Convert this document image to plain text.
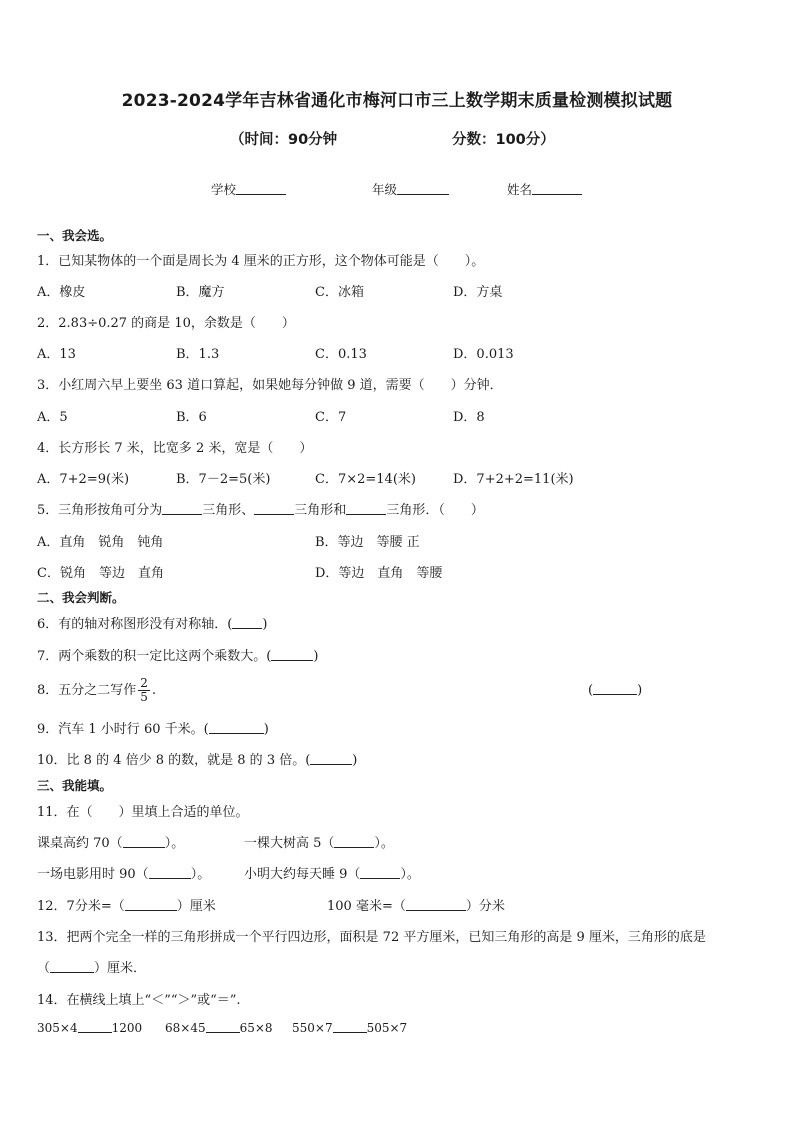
2023-2024学年吉林省通化市梅河口市三上数学期末质量检测模拟试题
（时间：90分钟	分数：100分）
学校	年级	姓名
一、我会选。
1．已知某物体的一个面是周长为 4 厘米的正方形，这个物体可能是（　　）。
A．橡皮	B．魔方	C．冰箱	D．方桌
2．2.83÷0.27 的商是 10，余数是（　　）
A．13	B．1.3	C．0.13	D．0.013
3．小红周六早上要坐 63 道口算起，如果她每分钟做 9 道，需要（　　）分钟．
A．5	B．6	C．7	D．8
4．长方形长 7 米，比宽多 2 米，宽是（　　）
A．7+2=9(米)	B．7－2=5(米)	C．7×2=14(米)	D．7+2+2=11(米)
5．三角形按角可分为	三角形、	三角形和	三角形．（　　）
A．直角　锐角　钝角	B．等边　等腰 正
C．锐角　等边　直角	D．等边　直角　等腰
二、我会判断。
6．有的轴对称图形没有对称轴．( )
7．两个乘数的积一定比这两个乘数大。(	)
8．五分之二写作 $\frac{2}{5}$ .	(	)
9．汽车 1 小时行 60 千米。(	)
10．比 8 的 4 倍少 8 的数，就是 8 的 3 倍。(	)
三、我能填。
11．在（　　）里填上合适的单位。
课桌高约 70（	）。	一棵大树高 5（	）。
一场电影用时 90（	）。	小明大约每天睡 9（	）。
12．7分米=（	）厘米	100 毫米=（	）分米
13．把两个完全一样的三角形拼成一个平行四边形，面积是 72 平方厘米，已知三角形的高是 9 厘米，三角形的底是
（	）厘米．
14．在横线上填上“＜”“＞”或“＝”.
305×4	1200 68×45	65×8 550×7	505×7
